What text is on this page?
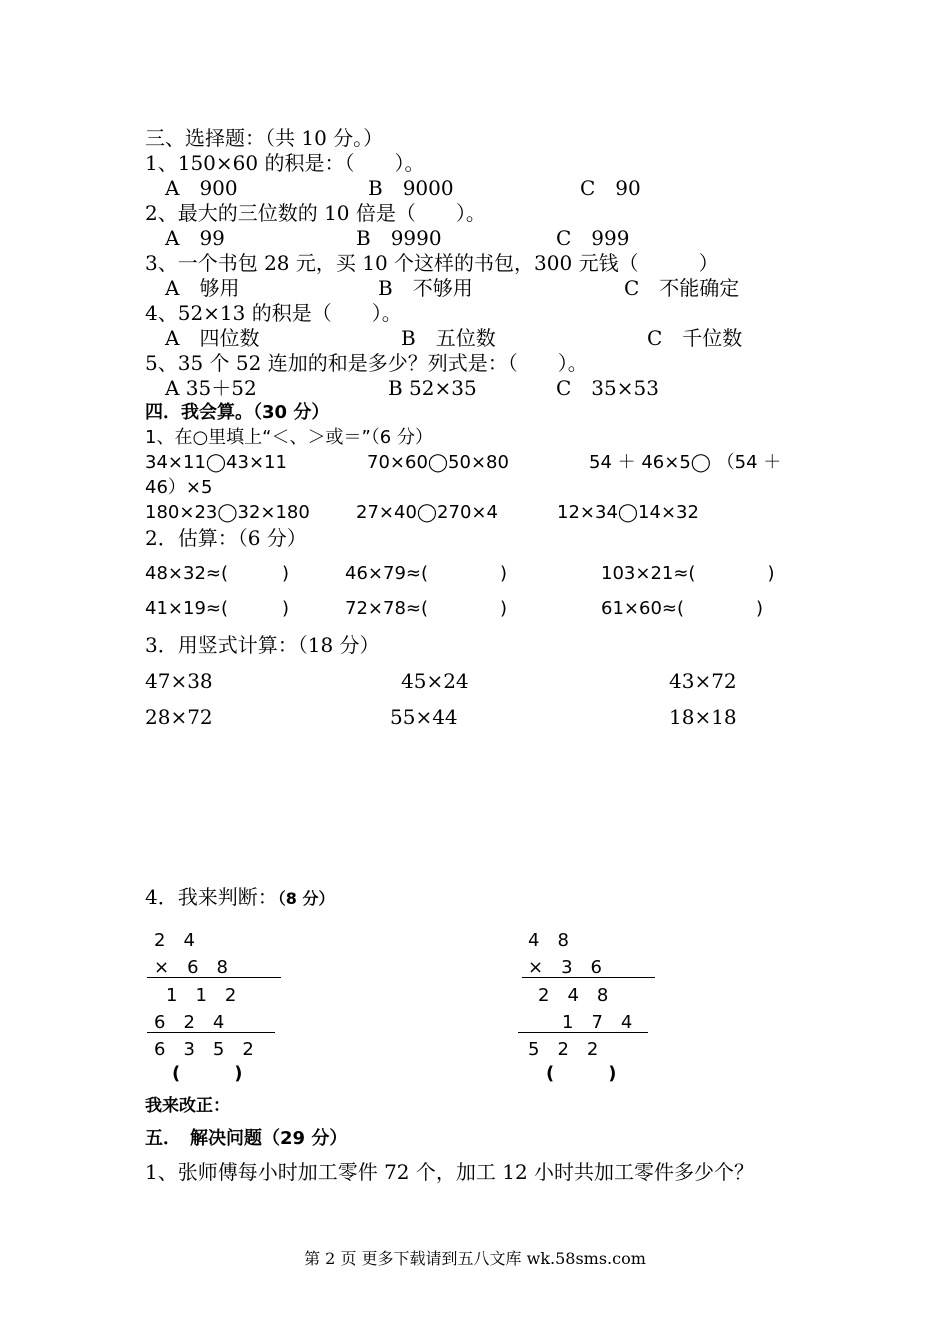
三、选择题：（共 10 分。）
1、150×60 的积是：（　　）。
A　900	B　9000	C　90
2、最大的三位数的 10 倍是（　　）。
A　99	B　9990	C　999
3、一个书包 28 元，买 10 个这样的书包，300 元钱（　　　）
A　够用	B　不够用	C　不能确定
4、52×13 的积是（　　）。
A　四位数	B　五位数	C　千位数
5、35 个 52 连加的和是多少？列式是：（　　）。
A 35＋52	B 52×35	C　35×53
四．我会算。（30 分）
1、在○里填上“＜、＞或＝”（6 分）
34×11◯43×11	70×60◯50×80	54 ＋ 46×5◯ （54 ＋
46）×5
180×23◯32×180	27×40◯270×4	12×34◯14×32
2．估算：（6 分）
48×32≈(　　　)	46×79≈(　　　　)	103×21≈(　　　　)
41×19≈(　　　)	72×78≈(　　　　)	61×60≈(　　　　)
3．用竖式计算：（18 分）
47×38	45×24	43×72
28×72	55×44	18×18
4．我来判断：（8 分）
2　4
×　6　8
1　1　2
6　2　4
6　3　5　2
(　　　)
4　8
×　3　6
2　4　8
1　7　4
5　2　2
(　　　)
我来改正：
五．　解决问题（29 分）
1、张师傅每小时加工零件 72 个，加工 12 小时共加工零件多少个？
第 2 页 更多下载请到五八文库 wk.58sms.com
